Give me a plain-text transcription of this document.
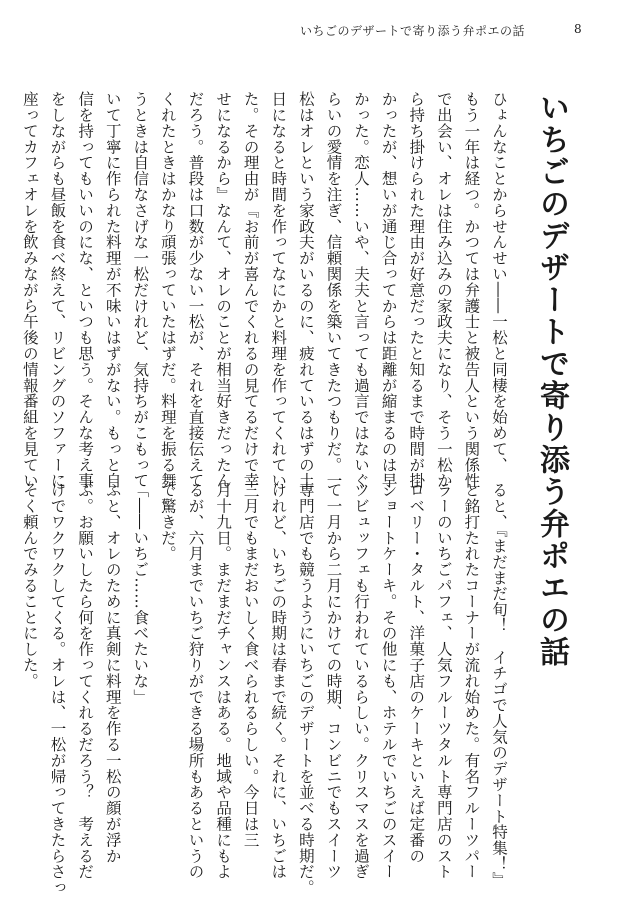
いちごのデザートで寄り添う弁ポエの話	8
いちごのデザートで寄り添う弁ポエの話
ひょんなことからせんせい――一松と同棲を始めて、
もう一年は経つ。かつては弁護士と被告人という関係性
で出会い、オレは住み込みの家政夫になり、そう一松か
ら持ち掛けられた理由が好意だったと知るまで時間が掛
かったが、想いが通じ合ってからは距離が縮まるのは早
かった。恋人……いや、夫夫と言っても過言ではないぐ
らいの愛情を注ぎ、信頼関係を築いてきたつもりだ。一
松はオレという家政夫がいるのに、疲れているはずの土
日になると時間を作ってなにかと料理を作ってくれてい
た。その理由が『お前が喜んでくれるの見てるだけで幸
せになるから』なんて、オレのことが相当好きだったん
だろう。普段は口数が少ない一松が、それを直接伝えて
くれたときはかなり頑張っていたはずだ。料理を振る舞
うときは自信なさげな一松だけれど、気持ちがこもって
いて丁寧に作られた料理が不味いはずがない。もっと自
信を持ってもいいのにな、といつも思う。そんな考え事
をしながらも昼飯を食べ終えて、リビングのソファーに
座ってカフェオレを飲みながら午後の情報番組を見てい
ると、『まだまだ旬！　イチゴで人気のデザート特集！』
と銘打たれたコーナーが流れ始めた。有名フルーツパー
ラーのいちごパフェ、人気フルーツタルト専門店のスト
ロベリー・タルト、洋菓子店のケーキといえば定番の
ショートケーキ。その他にも、ホテルでいちごのスイー
ツビュッフェも行われているらしい。クリスマスを過ぎ
て一月から二月にかけての時期、コンビニでもスイーツ
専門店でも競うようにいちごのデザートを並べる時期だ。
けれど、いちごの時期は春まで続く。それに、いちごは
三月でもまだおいしく食べられるらしい。今日は三
月十九日。まだまだチャンスはある。地域や品種にもよ
るが、六月までいちご狩りができる場所もあるというの
で驚きだ。
「――いちご……食べたいな」
ふと、オレのために真剣に料理を作る一松の顔が浮か
ぶ。お願いしたら何を作ってくれるだろう？　考えるだ
けでワクワクしてくる。オレは、一松が帰ってきたらさっ
そく頼んでみることにした。
